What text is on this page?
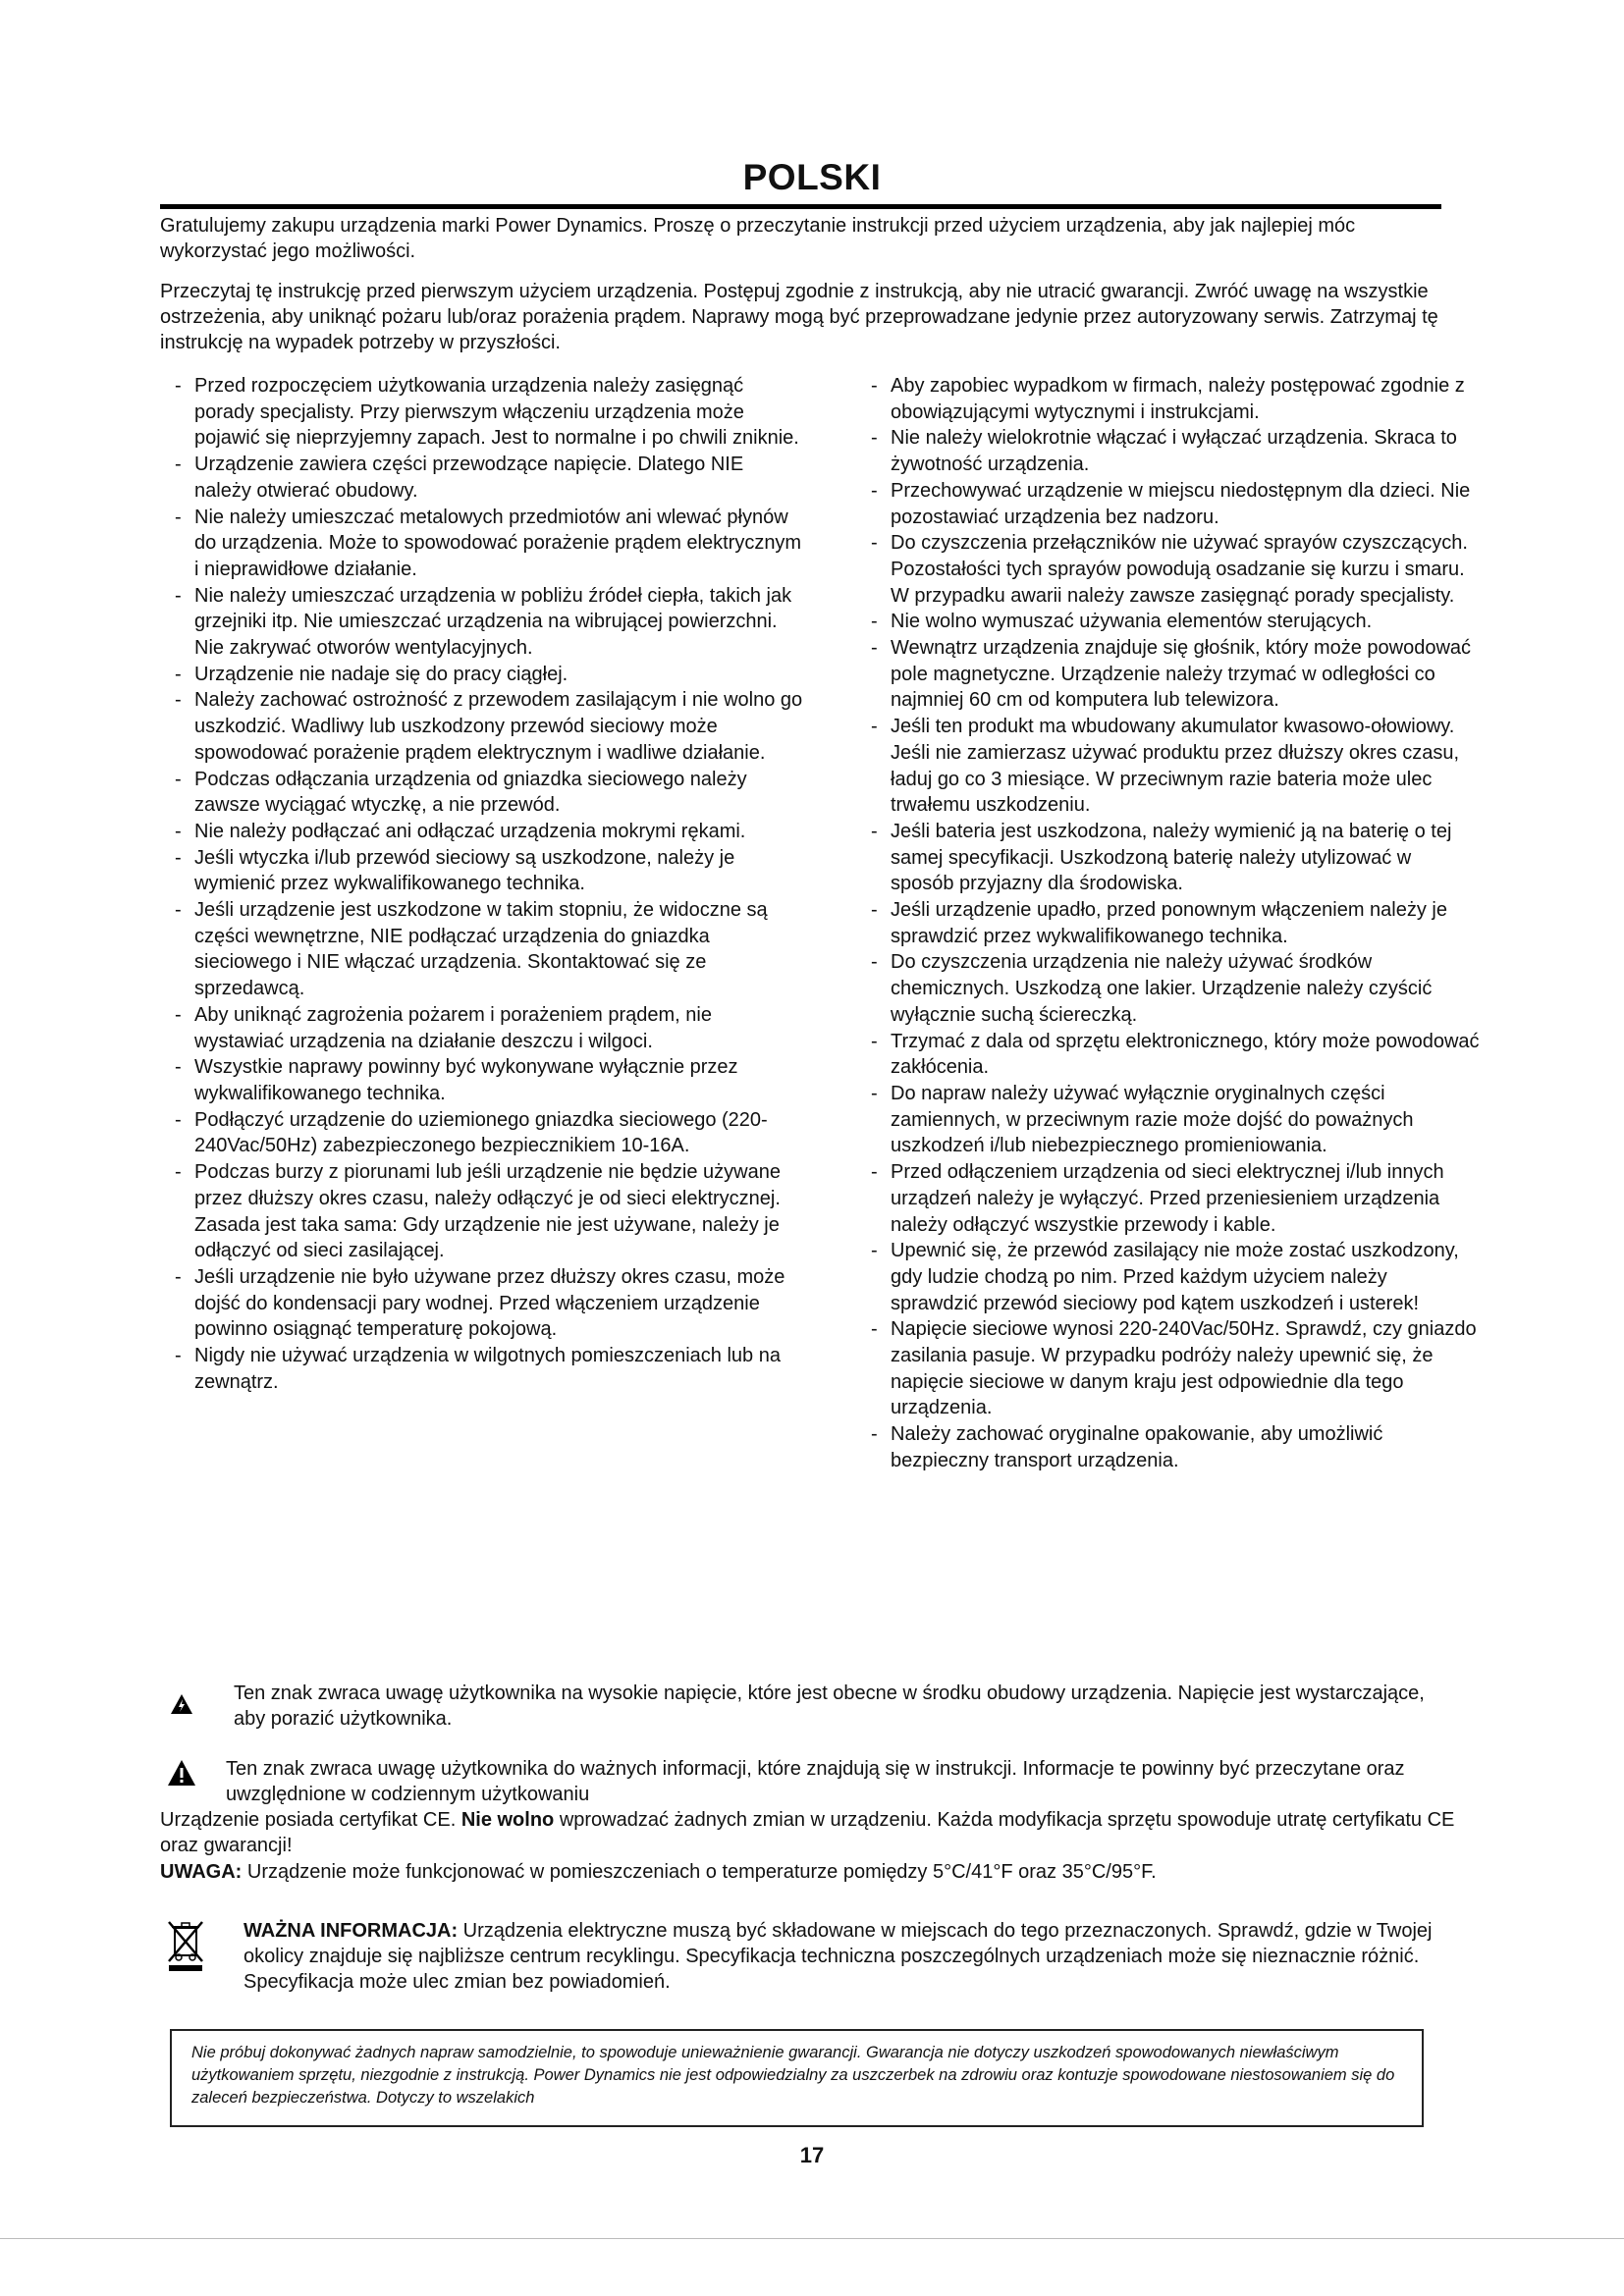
POLSKI

Gratulujemy zakupu urządzenia marki Power Dynamics. Proszę o przeczytanie instrukcji przed użyciem urządzenia, aby jak najlepiej móc wykorzystać jego możliwości.

Przeczytaj tę instrukcję przed pierwszym użyciem urządzenia. Postępuj zgodnie z instrukcją, aby nie utracić gwarancji. Zwróć uwagę na wszystkie ostrzeżenia, aby uniknąć pożaru lub/oraz porażenia prądem. Naprawy mogą być przeprowadzane jedynie przez autoryzowany serwis. Zatrzymaj tę instrukcję na wypadek potrzeby w przyszłości.

- Przed rozpoczęciem użytkowania urządzenia należy zasięgnąć porady specjalisty. Przy pierwszym włączeniu urządzenia może pojawić się nieprzyjemny zapach. Jest to normalne i po chwili zniknie.
- Urządzenie zawiera części przewodzące napięcie. Dlatego NIE należy otwierać obudowy.
- Nie należy umieszczać metalowych przedmiotów ani wlewać płynów do urządzenia. Może to spowodować porażenie prądem elektrycznym i nieprawidłowe działanie.
- Nie należy umieszczać urządzenia w pobliżu źródeł ciepła, takich jak grzejniki itp. Nie umieszczać urządzenia na wibrującej powierzchni. Nie zakrywać otworów wentylacyjnych.
- Urządzenie nie nadaje się do pracy ciągłej.
- Należy zachować ostrożność z przewodem zasilającym i nie wolno go uszkodzić. Wadliwy lub uszkodzony przewód sieciowy może spowodować porażenie prądem elektrycznym i wadliwe działanie.
- Podczas odłączania urządzenia od gniazdka sieciowego należy zawsze wyciągać wtyczkę, a nie przewód.
- Nie należy podłączać ani odłączać urządzenia mokrymi rękami.
- Jeśli wtyczka i/lub przewód sieciowy są uszkodzone, należy je wymienić przez wykwalifikowanego technika.
- Jeśli urządzenie jest uszkodzone w takim stopniu, że widoczne są części wewnętrzne, NIE podłączać urządzenia do gniazdka sieciowego i NIE włączać urządzenia. Skontaktować się ze sprzedawcą.
- Aby uniknąć zagrożenia pożarem i porażeniem prądem, nie wystawiać urządzenia na działanie deszczu i wilgoci.
- Wszystkie naprawy powinny być wykonywane wyłącznie przez wykwalifikowanego technika.
- Podłączyć urządzenie do uziemionego gniazdka sieciowego (220-240Vac/50Hz) zabezpieczonego bezpiecznikiem 10-16A.
- Podczas burzy z piorunami lub jeśli urządzenie nie będzie używane przez dłuższy okres czasu, należy odłączyć je od sieci elektrycznej. Zasada jest taka sama: Gdy urządzenie nie jest używane, należy je odłączyć od sieci zasilającej.
- Jeśli urządzenie nie było używane przez dłuższy okres czasu, może dojść do kondensacji pary wodnej. Przed włączeniem urządzenie powinno osiągnąć temperaturę pokojową.
- Nigdy nie używać urządzenia w wilgotnych pomieszczeniach lub na zewnątrz.
- Aby zapobiec wypadkom w firmach, należy postępować zgodnie z obowiązującymi wytycznymi i instrukcjami.
- Nie należy wielokrotnie włączać i wyłączać urządzenia. Skraca to żywotność urządzenia.
- Przechowywać urządzenie w miejscu niedostępnym dla dzieci. Nie pozostawiać urządzenia bez nadzoru.
- Do czyszczenia przełączników nie używać sprayów czyszczących. Pozostałości tych sprayów powodują osadzanie się kurzu i smaru. W przypadku awarii należy zawsze zasięgnąć porady specjalisty.
- Nie wolno wymuszać używania elementów sterujących.
- Wewnątrz urządzenia znajduje się głośnik, który może powodować pole magnetyczne. Urządzenie należy trzymać w odległości co najmniej 60 cm od komputera lub telewizora.
- Jeśli ten produkt ma wbudowany akumulator kwasowo-ołowiowy. Jeśli nie zamierzasz używać produktu przez dłuższy okres czasu, ładuj go co 3 miesiące. W przeciwnym razie bateria może ulec trwałemu uszkodzeniu.
- Jeśli bateria jest uszkodzona, należy wymienić ją na baterię o tej samej specyfikacji. Uszkodzoną baterię należy utylizować w sposób przyjazny dla środowiska.
- Jeśli urządzenie upadło, przed ponownym włączeniem należy je sprawdzić przez wykwalifikowanego technika.
- Do czyszczenia urządzenia nie należy używać środków chemicznych. Uszkodzą one lakier. Urządzenie należy czyścić wyłącznie suchą ściereczką.
- Trzymać z dala od sprzętu elektronicznego, który może powodować zakłócenia.
- Do napraw należy używać wyłącznie oryginalnych części zamiennych, w przeciwnym razie może dojść do poważnych uszkodzeń i/lub niebezpiecznego promieniowania.
- Przed odłączeniem urządzenia od sieci elektrycznej i/lub innych urządzeń należy je wyłączyć. Przed przeniesieniem urządzenia należy odłączyć wszystkie przewody i kable.
- Upewnić się, że przewód zasilający nie może zostać uszkodzony, gdy ludzie chodzą po nim. Przed każdym użyciem należy sprawdzić przewód sieciowy pod kątem uszkodzeń i usterek!
- Napięcie sieciowe wynosi 220-240Vac/50Hz. Sprawdź, czy gniazdo zasilania pasuje. W przypadku podróży należy upewnić się, że napięcie sieciowe w danym kraju jest odpowiednie dla tego urządzenia.
- Należy zachować oryginalne opakowanie, aby umożliwić bezpieczny transport urządzenia.
Ten znak zwraca uwagę użytkownika na wysokie napięcie, które jest obecne w środku obudowy urządzenia. Napięcie jest wystarczające, aby porazić użytkownika.
Ten znak zwraca uwagę użytkownika do ważnych informacji, które znajdują się w instrukcji. Informacje te powinny być przeczytane oraz uwzględnione w codziennym użytkowaniu
Urządzenie posiada certyfikat CE. Nie wolno wprowadzać żadnych zmian w urządzeniu. Każda modyfikacja sprzętu spowoduje utratę certyfikatu CE oraz gwarancji!
UWAGA: Urządzenie może funkcjonować w pomieszczeniach o temperaturze pomiędzy 5°C/41°F oraz 35°C/95°F.
WAŻNA INFORMACJA: Urządzenia elektryczne muszą być składowane w miejscach do tego przeznaczonych. Sprawdź, gdzie w Twojej okolicy znajduje się najbliższe centrum recyklingu. Specyfikacja techniczna poszczególnych urządzeniach może się nieznacznie różnić. Specyfikacja może ulec zmian bez powiadomień.
Nie próbuj dokonywać żadnych napraw samodzielnie, to spowoduje unieważnienie gwarancji. Gwarancja nie dotyczy uszkodzeń spowodowanych niewłaściwym użytkowaniem sprzętu, niezgodnie z instrukcją. Power Dynamics nie jest odpowiedzialny za uszczerbek na zdrowiu oraz kontuzje spowodowane niestosowaniem się do zaleceń bezpieczeństwa. Dotyczy to wszelakich
17
